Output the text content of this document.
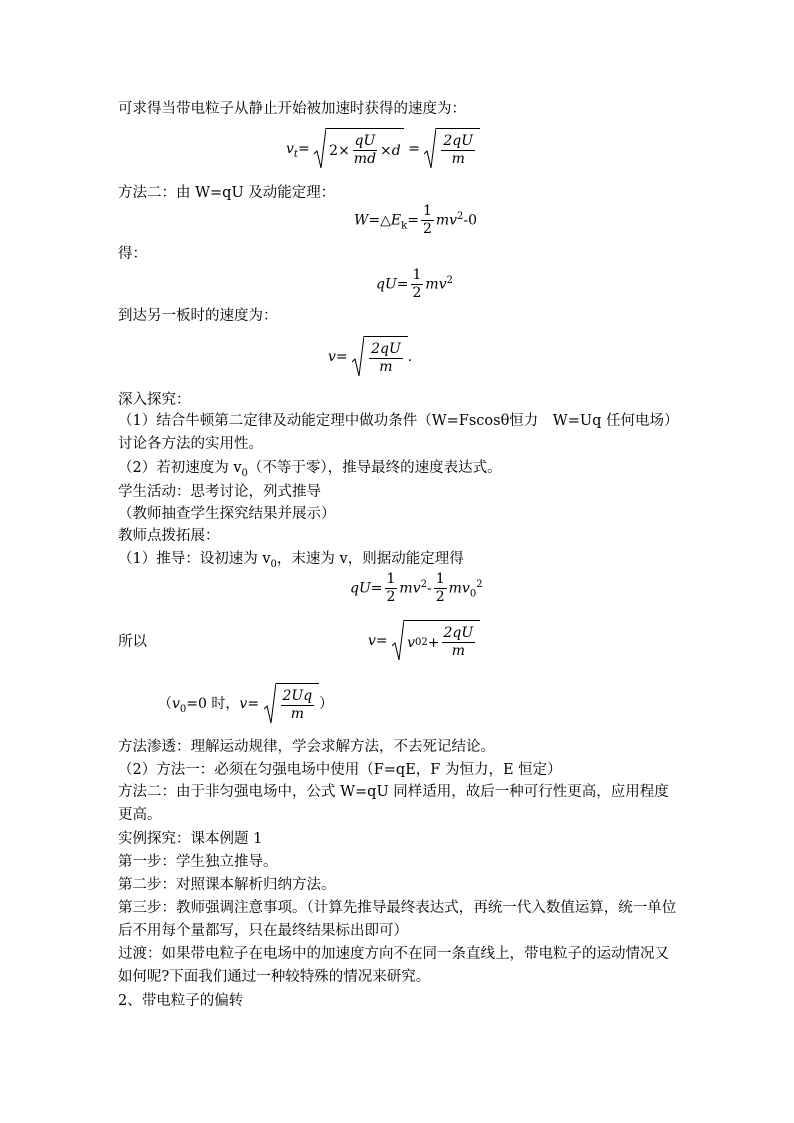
可求得当带电粒子从静止开始被加速时获得的速度为：
$v_t= 2 \times \frac{qU}{md} \times d = \frac{2qU}{m}$
方法二：由 W=qU 及动能定理：
$W=\triangle E_k= \frac{1}{2} mv^2-0$
得：
$qU= \frac{1}{2} mv^2$
到达另一板时的速度为：
$v= \frac{2qU}{m}$ .
深入探究：
（1）结合牛顿第二定律及动能定理中做功条件（W=Fscosθ恒力　W=Uq 任何电场）讨论各方法的实用性。
（2）若初速度为 $v_0$（不等于零），推导最终的速度表达式。
学生活动：思考讨论，列式推导
（教师抽查学生探究结果并展示）
教师点拨拓展：
（1）推导：设初速为 $v_0$，末速为 v，则据动能定理得
$qU= \frac{1}{2} mv^2- \frac{1}{2} mv_0^2$
所以	v= v 0 $2 + \frac{2qU}{m}$
（$v_0=0$ 时，$v= \frac{2Uq}{m}$ ）
方法渗透：理解运动规律，学会求解方法，不去死记结论。
（2）方法一：必须在匀强电场中使用（F=qE，F 为恒力，E 恒定）
方法二：由于非匀强电场中，公式 W=qU 同样适用，故后一种可行性更高，应用程度更高。
实例探究：课本例题 1
第一步：学生独立推导。
第二步：对照课本解析归纳方法。
第三步：教师强调注意事项。（计算先推导最终表达式，再统一代入数值运算，统一单位后不用每个量都写，只在最终结果标出即可）
过渡：如果带电粒子在电场中的加速度方向不在同一条直线上，带电粒子的运动情况又如何呢?下面我们通过一种较特殊的情况来研究。
2、带电粒子的偏转
